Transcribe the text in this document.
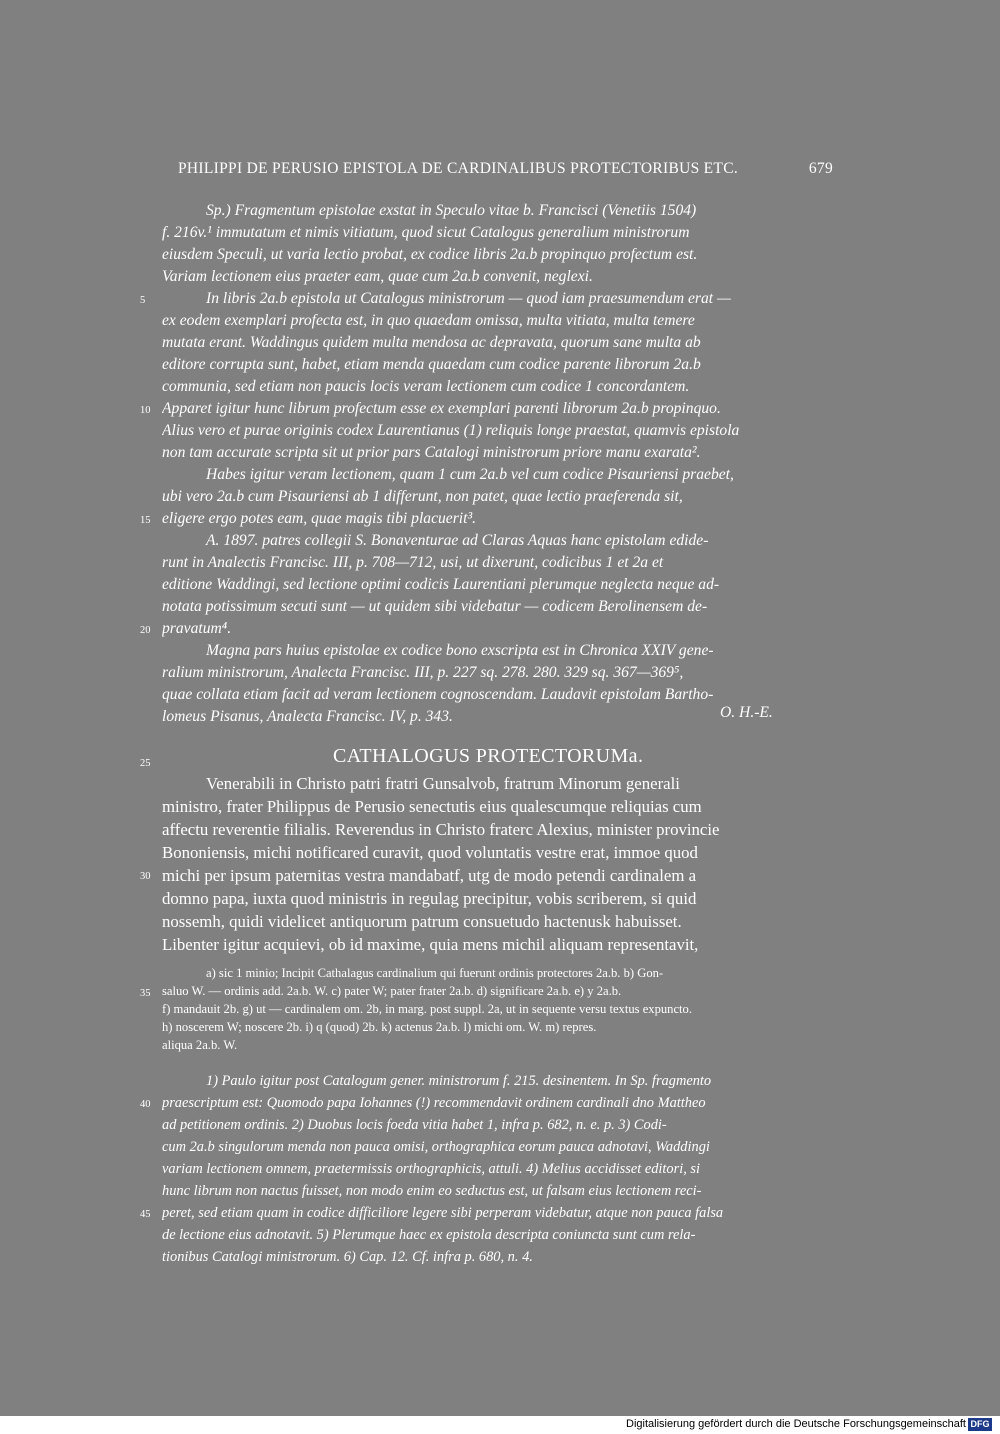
PHILIPPI DE PERUSIO EPISTOLA DE CARDINALIBUS PROTECTORIBUS ETC.	679
Sp.) Fragmentum epistolae exstat in Speculo vitae b. Francisci (Venetiis 1504)
f. 216v.¹ immutatum et nimis vitiatum, quod sicut Catalogus generalium ministrorum
eiusdem Speculi, ut varia lectio probat, ex codice libris 2a.b propinquo profectum est.
Variam lectionem eius praeter eam, quae cum 2a.b convenit, neglexi.
In libris 2a.b epistola ut Catalogus ministrorum — quod iam praesumendum erat —
ex eodem exemplari profecta est, in quo quaedam omissa, multa vitiata, multa temere
mutata erant. Waddingus quidem multa mendosa ac depravata, quorum sane multa ab
editore corrupta sunt, habet, etiam menda quaedam cum codice parente librorum 2a.b
communia, sed etiam non paucis locis veram lectionem cum codice 1 concordantem.
Apparet igitur hunc librum profectum esse ex exemplari parenti librorum 2a.b propinquo.
Alius vero et purae originis codex Laurentianus (1) reliquis longe praestat, quamvis epistola
non tam accurate scripta sit ut prior pars Catalogi ministrorum priore manu exarata².
Habes igitur veram lectionem, quam 1 cum 2a.b vel cum codice Pisauriensi praebet,
ubi vero 2a.b cum Pisauriensi ab 1 differunt, non patet, quae lectio praeferenda sit,
eligere ergo potes eam, quae magis tibi placuerit³.
A. 1897. patres collegii S. Bonaventurae ad Claras Aquas hanc epistolam edide-
runt in Analectis Francisc. III, p. 708—712, usi, ut dixerunt, codicibus 1 et 2a et
editione Waddingi, sed lectione optimi codicis Laurentiani plerumque neglecta neque ad-
notata potissimum secuti sunt — ut quidem sibi videbatur — codicem Berolinensem de-
pravatum⁴.
Magna pars huius epistolae ex codice bono exscripta est in Chronica XXIV gene-
ralium ministrorum, Analecta Francisc. III, p. 227 sq. 278. 280. 329 sq. 367—369⁵,
quae collata etiam facit ad veram lectionem cognoscendam. Laudavit epistolam Bartho-
lomeus Pisanus, Analecta Francisc. IV, p. 343.	O. H.-E.
CATHALOGUS PROTECTORUMa.
Venerabili in Christo patri fratri Gunsalvob, fratrum Minorum generali
ministro, frater Philippus de Perusio senectutis eius qualescumque reliquias cum
affectu reverentie filialis. Reverendus in Christo fraterc Alexius, minister provincie
Bononiensis, michi notificared curavit, quod voluntatis vestre erat, immoe quod
michi per ipsum paternitas vestra mandabatf, utg de modo petendi cardinalem a
domno papa, iuxta quod ministris in regulag precipitur, vobis scriberem, si quid
nossemh, quidi videlicet antiquorum patrum consuetudo hactenusk habuisset.
Libenter igitur acquievi, ob id maxime, quia mens michil aliquam representavit,
a) sic 1 minio; Incipit Cathalagus cardinalium qui fuerunt ordinis protectores 2a.b. b) Gon-
saluo W. — ordinis add. 2a.b. W. c) pater W; pater frater 2a.b. d) significare 2a.b. e) y 2a.b.
f) mandauit 2b. g) ut — cardinalem om. 2b, in marg. post suppl. 2a, ut in sequente versu textus expuncto.
h) noscerem W; noscere 2b. i) q (quod) 2b. k) actenus 2a.b. l) michi om. W. m) repres.
aliqua 2a.b. W.
1) Paulo igitur post Catalogum gener. ministrorum f. 215. desinentem. In Sp. fragmento
praescriptum est: Quomodo papa Iohannes (!) recommendavit ordinem cardinali dno Mattheo
ad petitionem ordinis. 2) Duobus locis foeda vitia habet 1, infra p. 682, n. e. p. 3) Codi-
cum 2a.b singulorum menda non pauca omisi, orthographica eorum pauca adnotavi, Waddingi
variam lectionem omnem, praetermissis orthographicis, attuli. 4) Melius accidisset editori, si
hunc librum non nactus fuisset, non modo enim eo seductus est, ut falsam eius lectionem reci-
peret, sed etiam quam in codice difficiliore legere sibi perperam videbatur, atque non pauca falsa
de lectione eius adnotavit. 5) Plerumque haec ex epistola descripta coniuncta sunt cum rela-
tionibus Catalogi ministrorum. 6) Cap. 12. Cf. infra p. 680, n. 4.
5
10
15
20
25
30
35
40
45
Digitalisierung gefördert durch die Deutsche Forschungsgemeinschaft DFG
